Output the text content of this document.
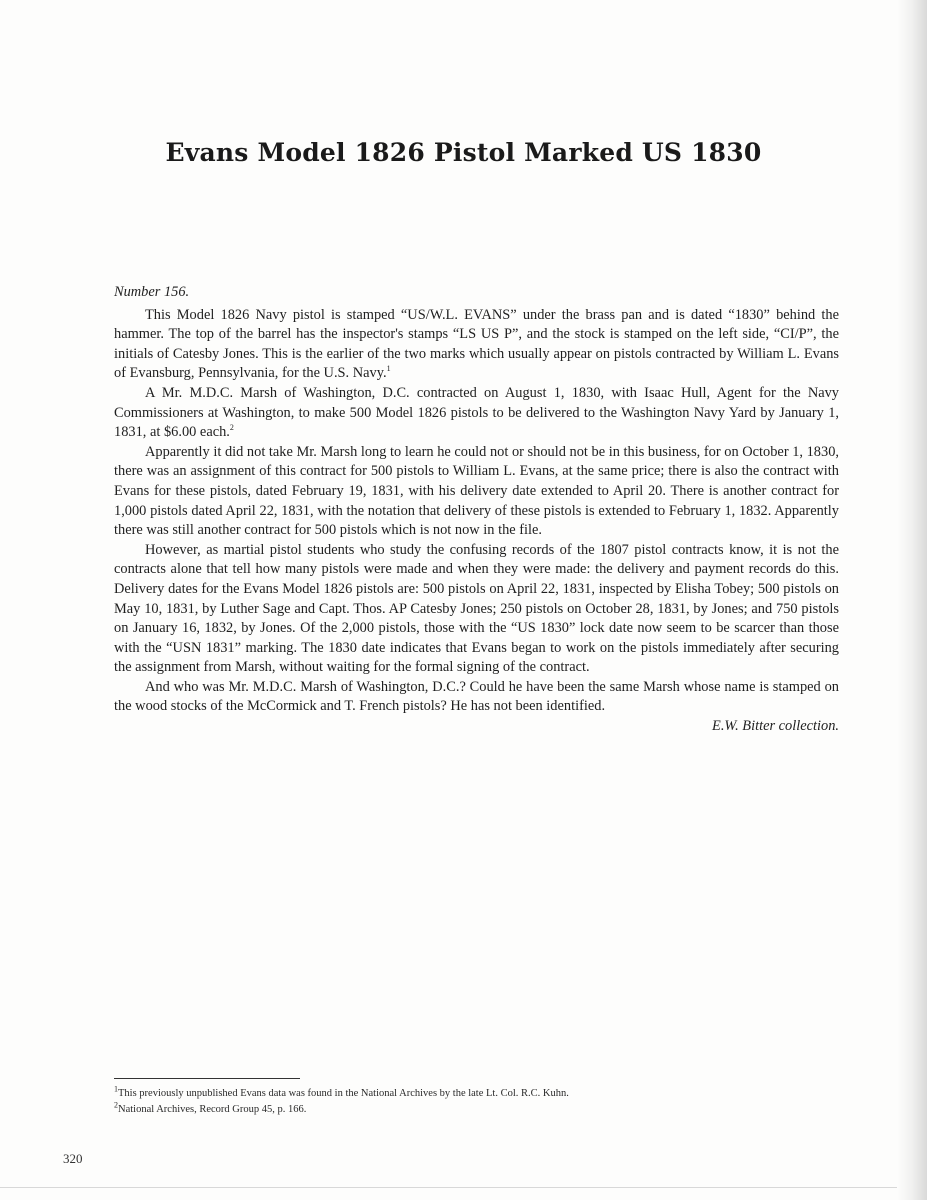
Evans Model 1826 Pistol Marked US 1830

Number 156.

This Model 1826 Navy pistol is stamped “US/W.L. EVANS” under the brass pan and is dated “1830” behind the hammer. The top of the barrel has the inspector's stamps “LS US P”, and the stock is stamped on the left side, “CI/P”, the initials of Catesby Jones. This is the earlier of the two marks which usually appear on pistols contracted by William L. Evans of Evansburg, Pennsylvania, for the U.S. Navy.$^1$

A Mr. M.D.C. Marsh of Washington, D.C. contracted on August 1, 1830, with Isaac Hull, Agent for the Navy Commissioners at Washington, to make 500 Model 1826 pistols to be delivered to the Washington Navy Yard by January 1, 1831, at $6.00 each.$^2$

Apparently it did not take Mr. Marsh long to learn he could not or should not be in this business, for on October 1, 1830, there was an assignment of this contract for 500 pistols to William L. Evans, at the same price; there is also the contract with Evans for these pistols, dated February 19, 1831, with his delivery date extended to April 20. There is another contract for 1,000 pistols dated April 22, 1831, with the notation that delivery of these pistols is extended to February 1, 1832. Apparently there was still another contract for 500 pistols which is not now in the file.

However, as martial pistol students who study the confusing records of the 1807 pistol contracts know, it is not the contracts alone that tell how many pistols were made and when they were made: the delivery and payment records do this. Delivery dates for the Evans Model 1826 pistols are: 500 pistols on April 22, 1831, inspected by Elisha Tobey; 500 pistols on May 10, 1831, by Luther Sage and Capt. Thos. AP Catesby Jones; 250 pistols on October 28, 1831, by Jones; and 750 pistols on January 16, 1832, by Jones. Of the 2,000 pistols, those with the “US 1830” lock date now seem to be scarcer than those with the “USN 1831” marking. The 1830 date indicates that Evans began to work on the pistols immediately after securing the assignment from Marsh, without waiting for the formal signing of the contract.

And who was Mr. M.D.C. Marsh of Washington, D.C.? Could he have been the same Marsh whose name is stamped on the wood stocks of the McCormick and T. French pistols? He has not been identified.

E.W. Bitter collection.

$^1$This previously unpublished Evans data was found in the National Archives by the late Lt. Col. R.C. Kuhn.

$^2$National Archives, Record Group 45, p. 166.

320
